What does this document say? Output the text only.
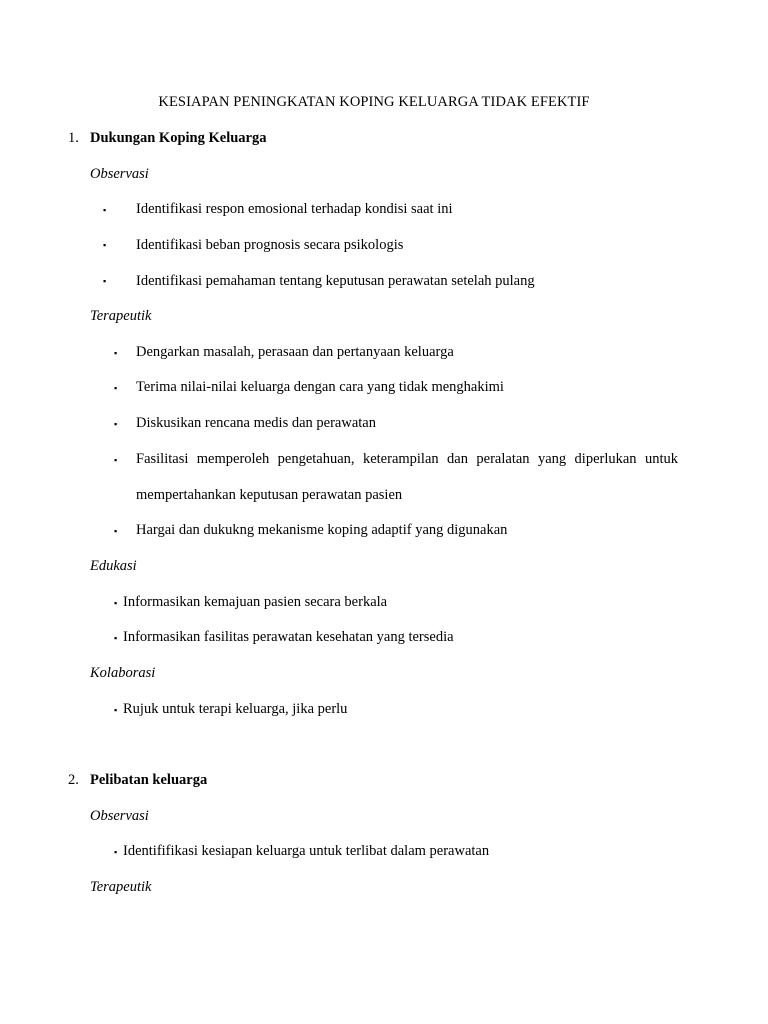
KESIAPAN PENINGKATAN KOPING KELUARGA TIDAK EFEKTIF
1. Dukungan Koping Keluarga
Observasi
▪ Identifikasi respon emosional terhadap kondisi saat ini
▪ Identifikasi beban prognosis secara psikologis
▪ Identifikasi pemahaman tentang keputusan perawatan setelah pulang
Terapeutik
▪ Dengarkan masalah, perasaan dan pertanyaan keluarga
▪ Terima nilai-nilai keluarga dengan cara yang tidak menghakimi
▪ Diskusikan rencana medis dan perawatan
▪ Fasilitasi memperoleh pengetahuan, keterampilan dan peralatan yang diperlukan untuk
mempertahankan keputusan perawatan pasien
▪ Hargai dan dukukng mekanisme koping adaptif yang digunakan
Edukasi
▪ Informasikan kemajuan pasien secara berkala
▪ Informasikan fasilitas perawatan kesehatan yang tersedia
Kolaborasi
▪ Rujuk untuk terapi keluarga, jika perlu
2. Pelibatan keluarga
Observasi
▪ Identififikasi kesiapan keluarga untuk terlibat dalam perawatan
Terapeutik
